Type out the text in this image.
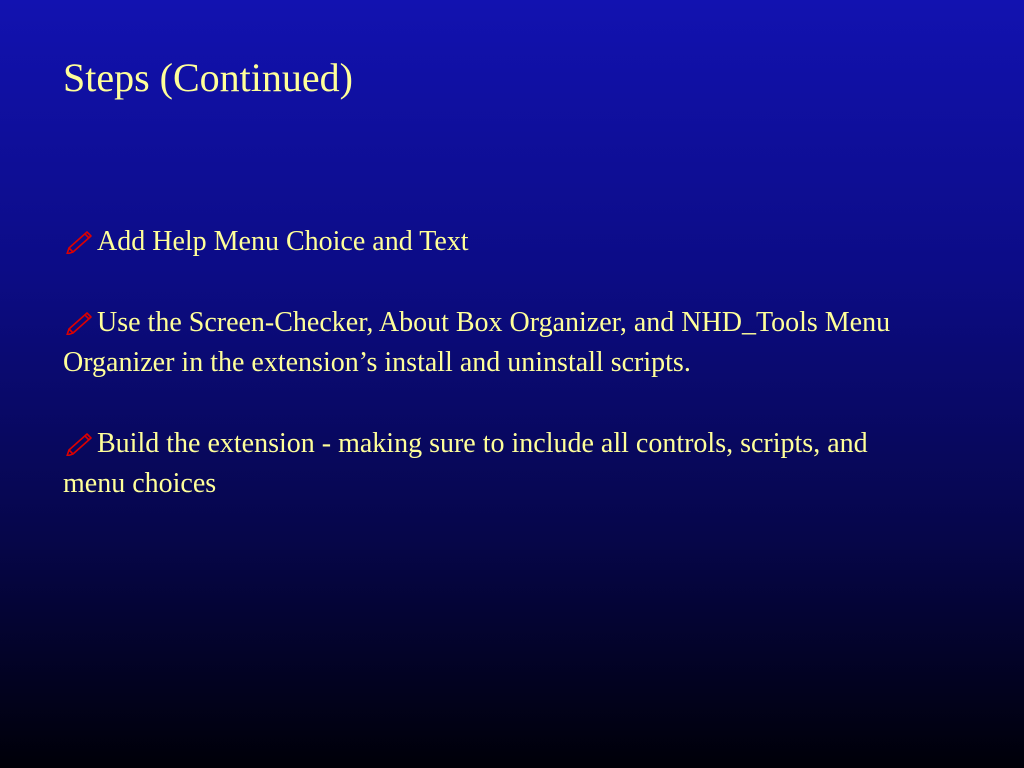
Steps (Continued)
Add Help Menu Choice and Text
Use the Screen-Checker, About Box Organizer, and NHD_Tools Menu Organizer in the extension’s install and uninstall scripts.
Build the extension - making sure to include all controls, scripts, and menu choices
